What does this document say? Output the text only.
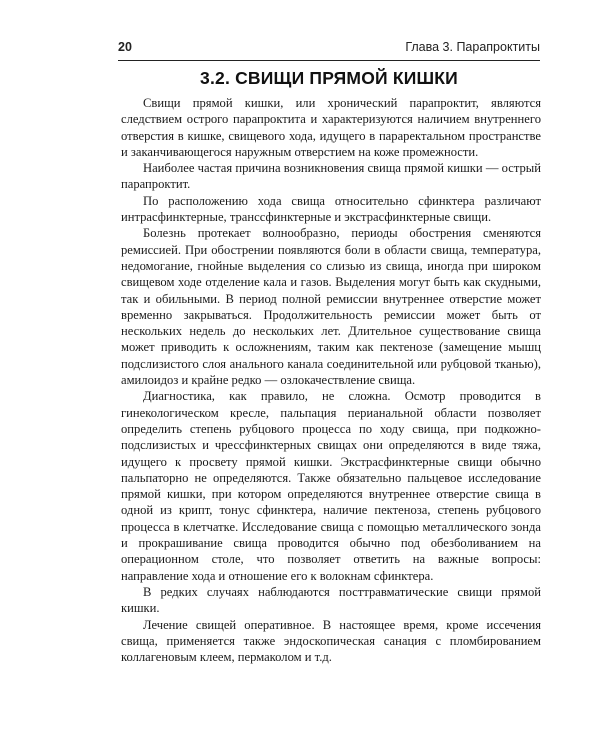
20	Глава 3. Парапроктиты
3.2. СВИЩИ ПРЯМОЙ КИШКИ

Свищи прямой кишки, или хронический парапроктит, являются следствием острого парапроктита и характеризуются наличием внутреннего отверстия в кишке, свищевого хода, идущего в параректальном пространстве и заканчивающегося наружным отверстием на коже промежности.

Наиболее частая причина возникновения свища прямой кишки — острый парапроктит.

По расположению хода свища относительно сфинктера различают интрасфинктерные, транссфинктерные и экстрасфинктерные свищи.

Болезнь протекает волнообразно, периоды обострения сменяются ремиссией. При обострении появляются боли в области свища, температура, недомогание, гнойные выделения со слизью из свища, иногда при широком свищевом ходе отделение кала и газов. Выделения могут быть как скудными, так и обильными. В период полной ремиссии внутреннее отверстие может временно закрываться. Продолжительность ремиссии может быть от нескольких недель до нескольких лет. Длительное существование свища может приводить к осложнениям, таким как пектенозе (замещение мышц подслизистого слоя анального канала соединительной или рубцовой тканью), амилоидоз и крайне редко — озлокачествление свища.

Диагностика, как правило, не сложна. Осмотр проводится в гинекологическом кресле, пальпация перианальной области позволяет определить степень рубцового процесса по ходу свища, при подкожно-подслизистых и чрессфинктерных свищах они определяются в виде тяжа, идущего к просвету прямой кишки. Экстрасфинктерные свищи обычно пальпаторно не определяются. Также обязательно пальцевое исследование прямой кишки, при котором определяются внутреннее отверстие свища в одной из крипт, тонус сфинктера, наличие пектеноза, степень рубцового процесса в клетчатке. Исследование свища с помощью металлического зонда и прокрашивание свища проводится обычно под обезболиванием на операционном столе, что позволяет ответить на важные вопросы: направление хода и отношение его к волокнам сфинктера.

В редких случаях наблюдаются посттравматические свищи прямой кишки.

Лечение свищей оперативное. В настоящее время, кроме иссечения свища, применяется также эндоскопическая санация с пломбированием коллагеновым клеем, пермаколом и т.д.
